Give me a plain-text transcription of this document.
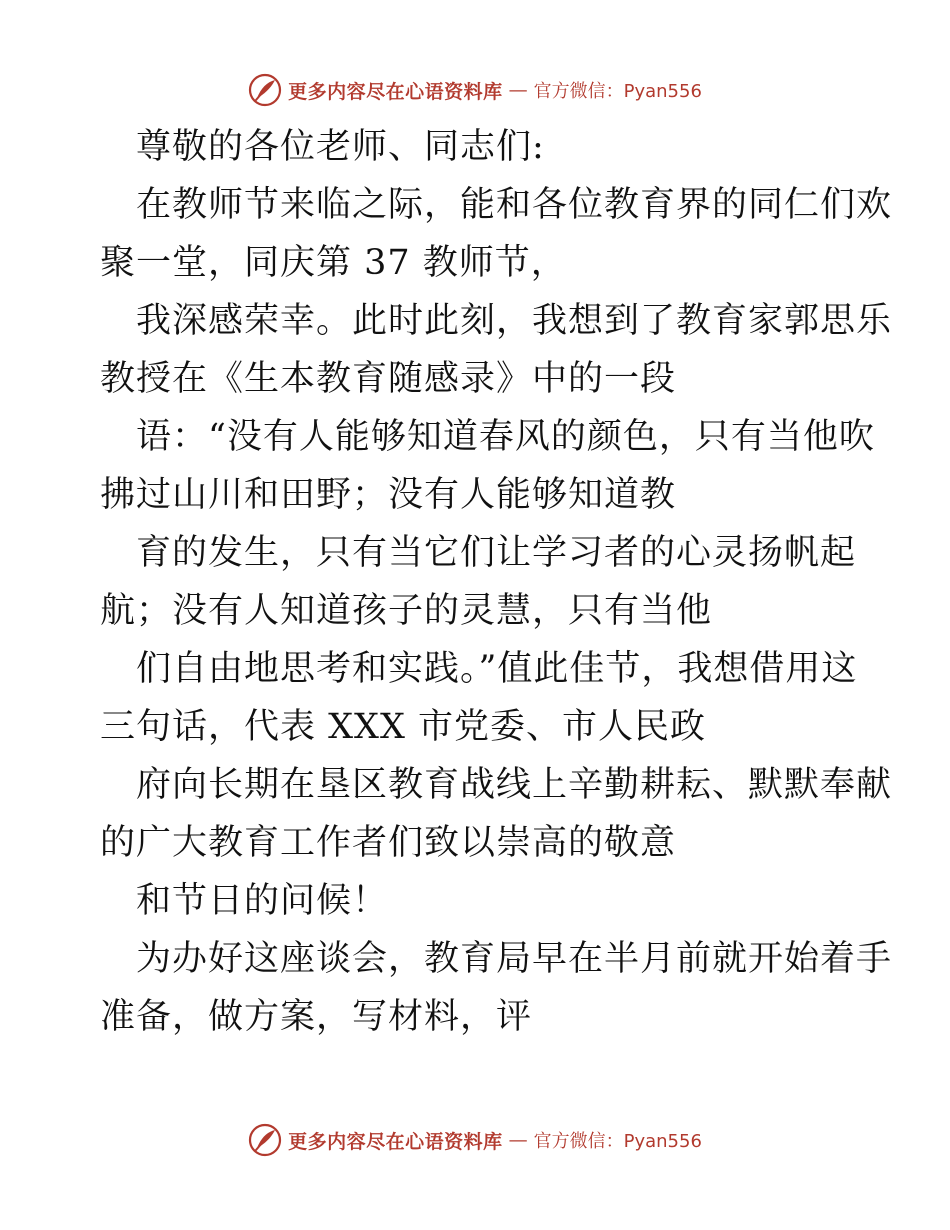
更多内容尽在心语资料库 — 官方微信：Pyan556
尊敬的各位老师、同志们:
在教师节来临之际，能和各位教育界的同仁们欢
聚一堂，同庆第 37 教师节，
我深感荣幸。此时此刻，我想到了教育家郭思乐
教授在《生本教育随感录》中的一段
语：“没有人能够知道春风的颜色，只有当他吹
拂过山川和田野；没有人能够知道教
育的发生，只有当它们让学习者的心灵扬帆起
航；没有人知道孩子的灵慧，只有当他
们自由地思考和实践。”值此佳节，我想借用这
三句话，代表 XXX 市党委、市人民政
府向长期在垦区教育战线上辛勤耕耘、默默奉献
的广大教育工作者们致以崇高的敬意
和节日的问候！
为办好这座谈会，教育局早在半月前就开始着手
准备，做方案，写材料，评
更多内容尽在心语资料库 — 官方微信：Pyan556
